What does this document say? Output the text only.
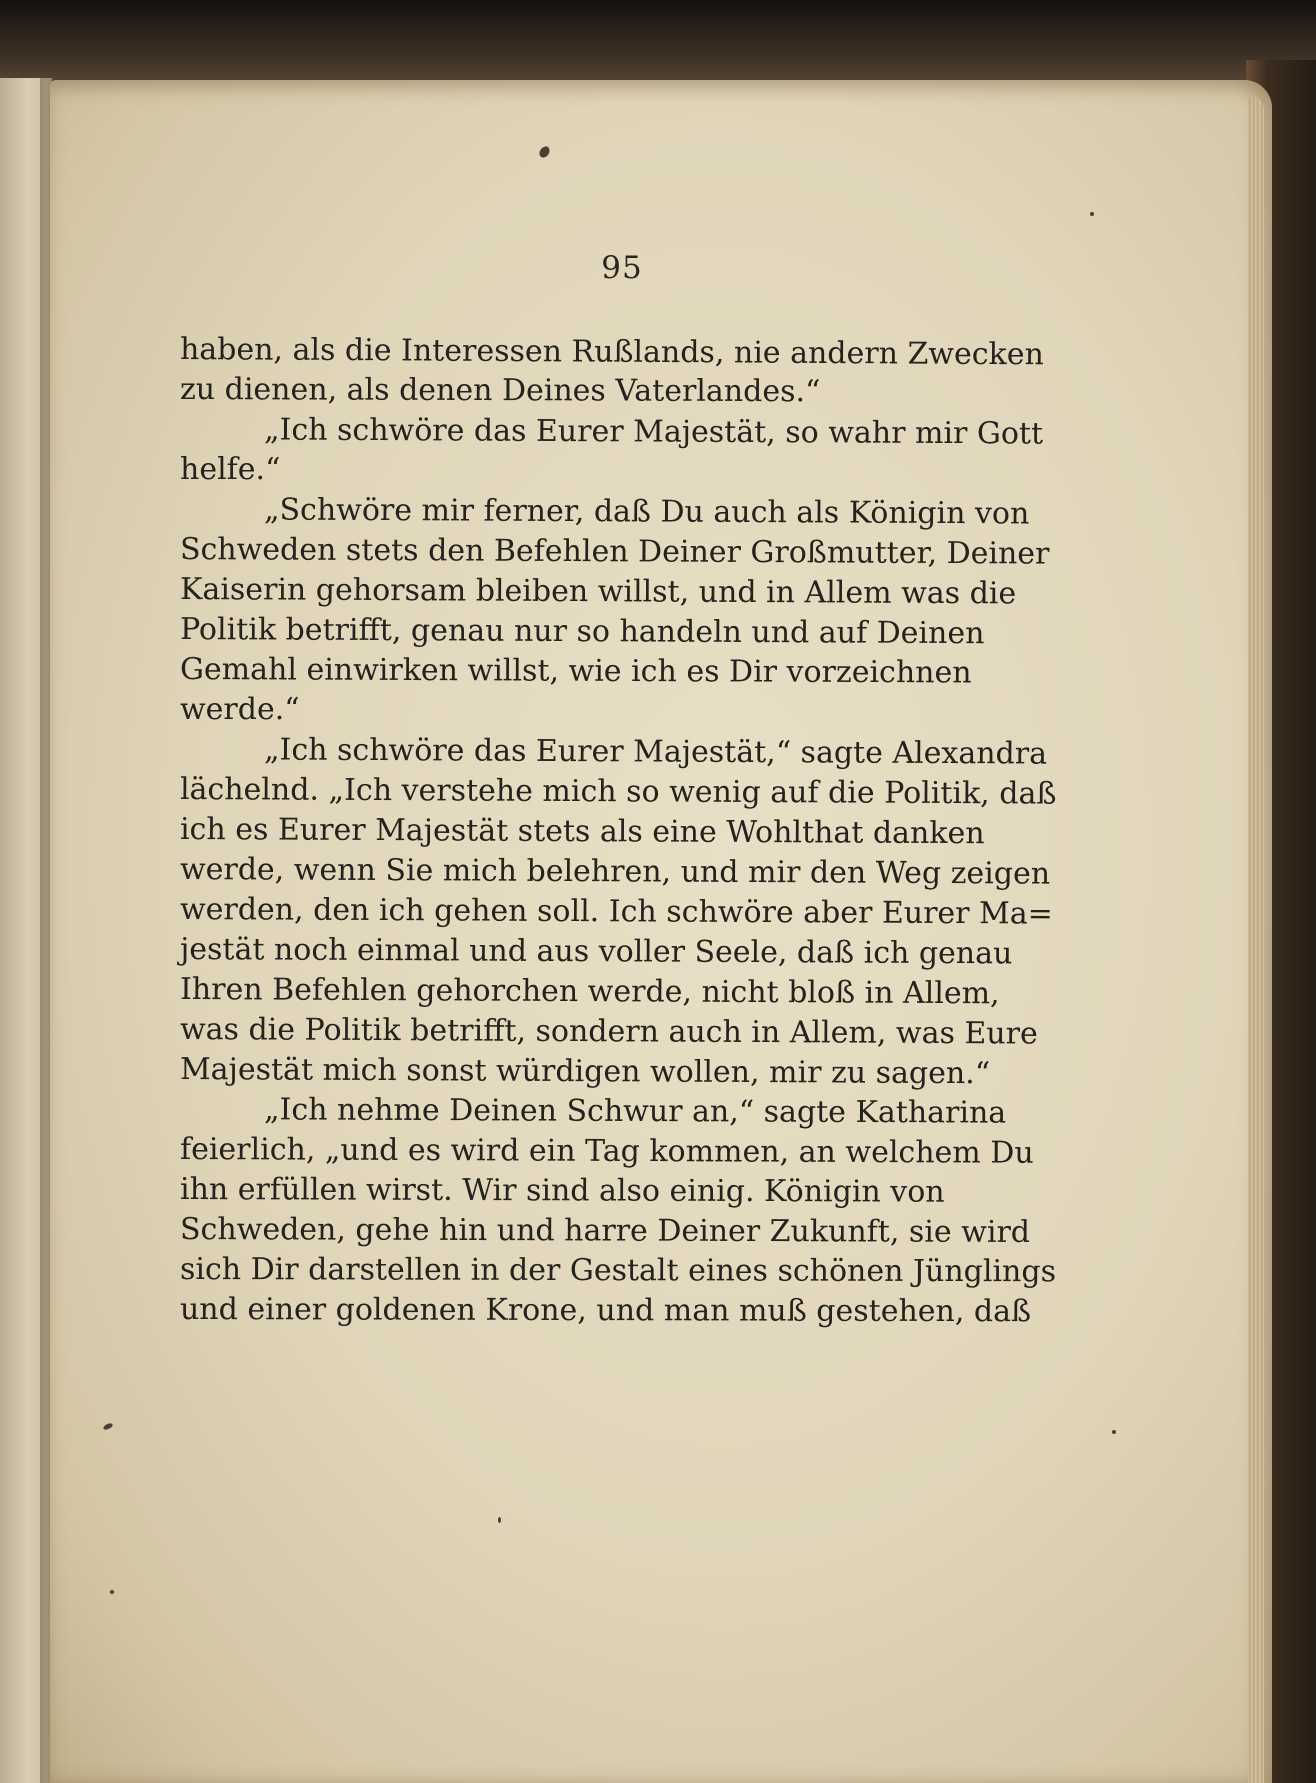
95
haben, als die Interessen Rußlands, nie andern Zwecken
zu dienen, als denen Deines Vaterlandes.“
„Ich schwöre das Eurer Majestät, so wahr mir Gott
helfe.“
„Schwöre mir ferner, daß Du auch als Königin von
Schweden stets den Befehlen Deiner Großmutter, Deiner
Kaiserin gehorsam bleiben willst, und in Allem was die
Politik betrifft, genau nur so handeln und auf Deinen
Gemahl einwirken willst, wie ich es Dir vorzeichnen
werde.“
„Ich schwöre das Eurer Majestät,“ sagte Alexandra
lächelnd. „Ich verstehe mich so wenig auf die Politik, daß
ich es Eurer Majestät stets als eine Wohlthat danken
werde, wenn Sie mich belehren, und mir den Weg zeigen
werden, den ich gehen soll. Ich schwöre aber Eurer Ma=
jestät noch einmal und aus voller Seele, daß ich genau
Ihren Befehlen gehorchen werde, nicht bloß in Allem,
was die Politik betrifft, sondern auch in Allem, was Eure
Majestät mich sonst würdigen wollen, mir zu sagen.“
„Ich nehme Deinen Schwur an,“ sagte Katharina
feierlich, „und es wird ein Tag kommen, an welchem Du
ihn erfüllen wirst. Wir sind also einig. Königin von
Schweden, gehe hin und harre Deiner Zukunft, sie wird
sich Dir darstellen in der Gestalt eines schönen Jünglings
und einer goldenen Krone, und man muß gestehen, daß
